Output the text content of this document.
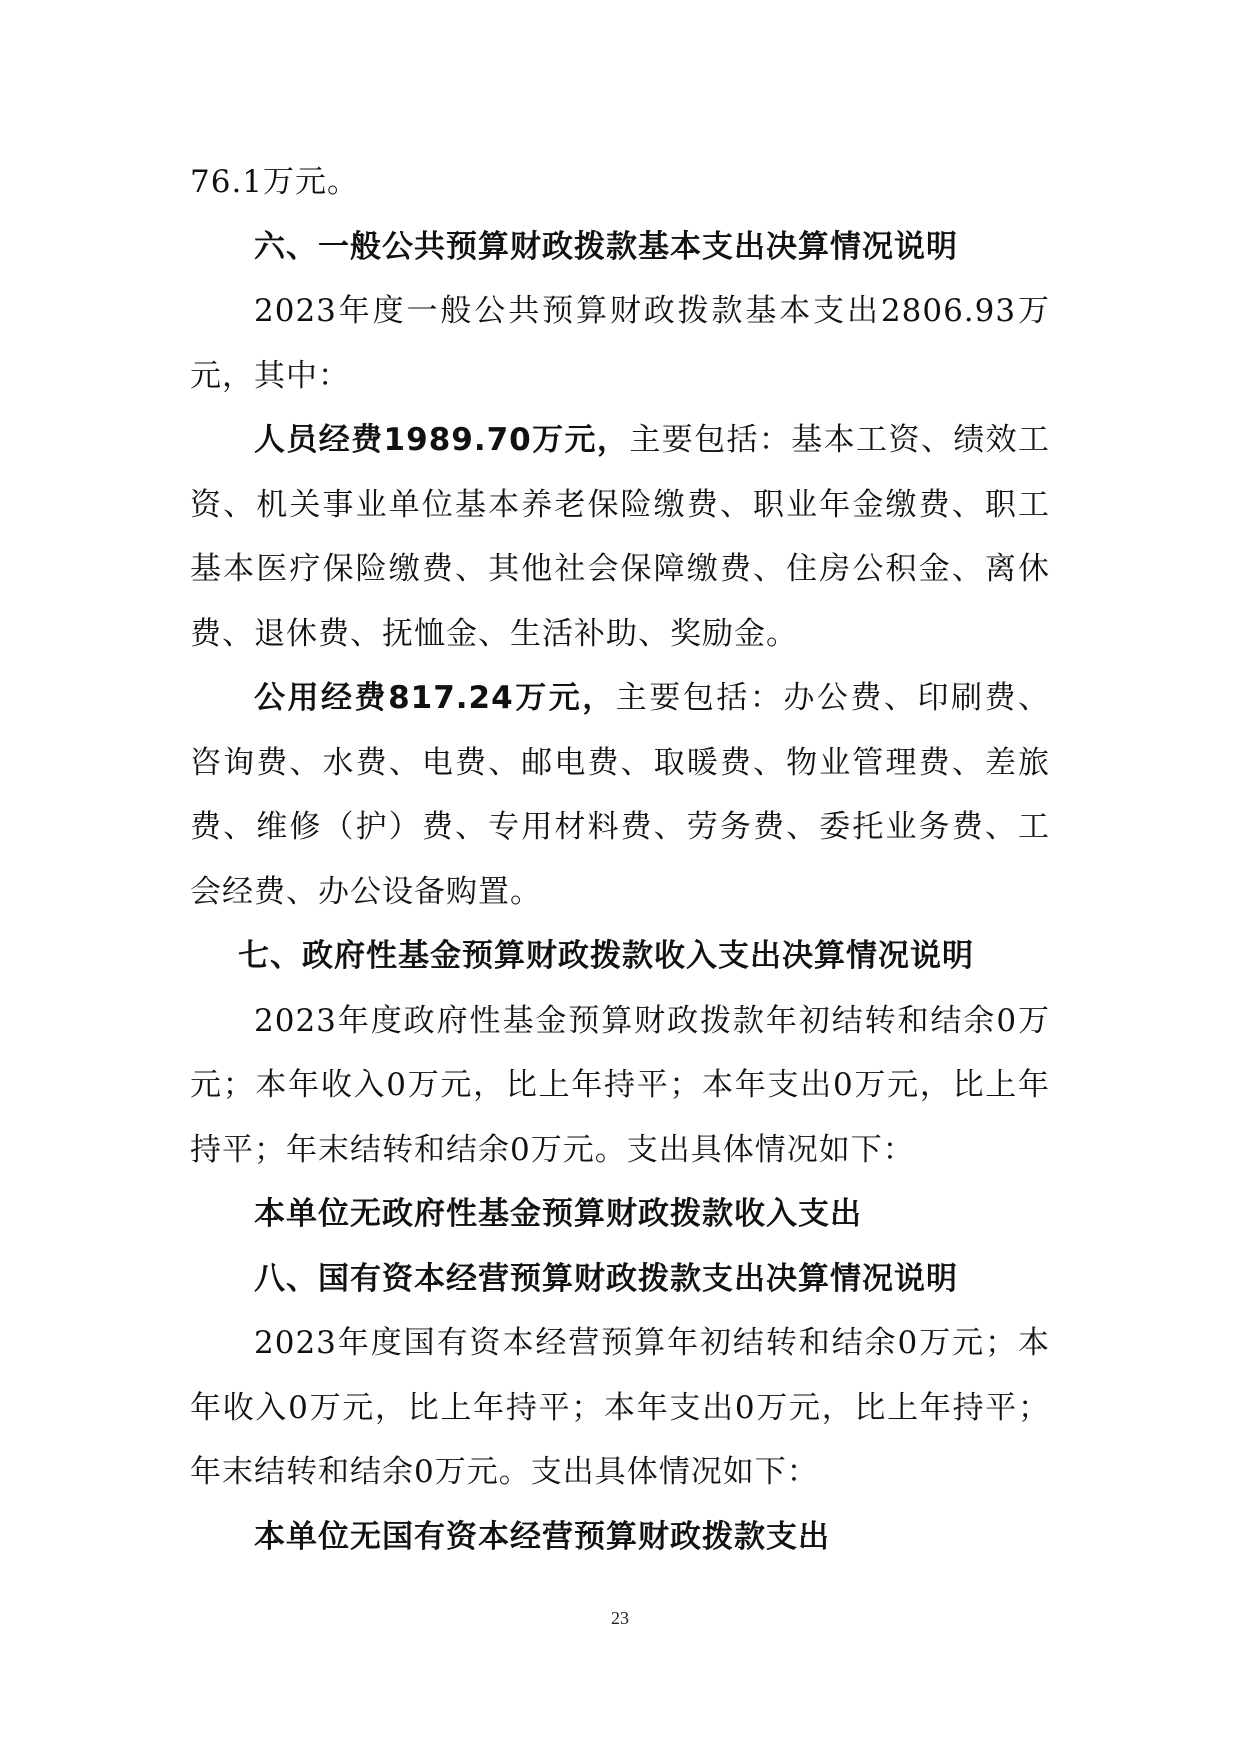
76.1万元。

六、一般公共预算财政拨款基本支出决算情况说明

2023年度一般公共预算财政拨款基本支出2806.93万元，其中：

人员经费1989.70万元，主要包括：基本工资、绩效工资、机关事业单位基本养老保险缴费、职业年金缴费、职工基本医疗保险缴费、其他社会保障缴费、住房公积金、离休费、退休费、抚恤金、生活补助、奖励金。

公用经费817.24万元，主要包括：办公费、印刷费、咨询费、水费、电费、邮电费、取暖费、物业管理费、差旅费、维修（护）费、专用材料费、劳务费、委托业务费、工会经费、办公设备购置。

七、政府性基金预算财政拨款收入支出决算情况说明

2023年度政府性基金预算财政拨款年初结转和结余0万元；本年收入0万元，比上年持平；本年支出0万元，比上年持平；年末结转和结余0万元。支出具体情况如下：

本单位无政府性基金预算财政拨款收入支出

八、国有资本经营预算财政拨款支出决算情况说明

2023年度国有资本经营预算年初结转和结余0万元；本年收入0万元，比上年持平；本年支出0万元，比上年持平；年末结转和结余0万元。支出具体情况如下：

本单位无国有资本经营预算财政拨款支出

23
